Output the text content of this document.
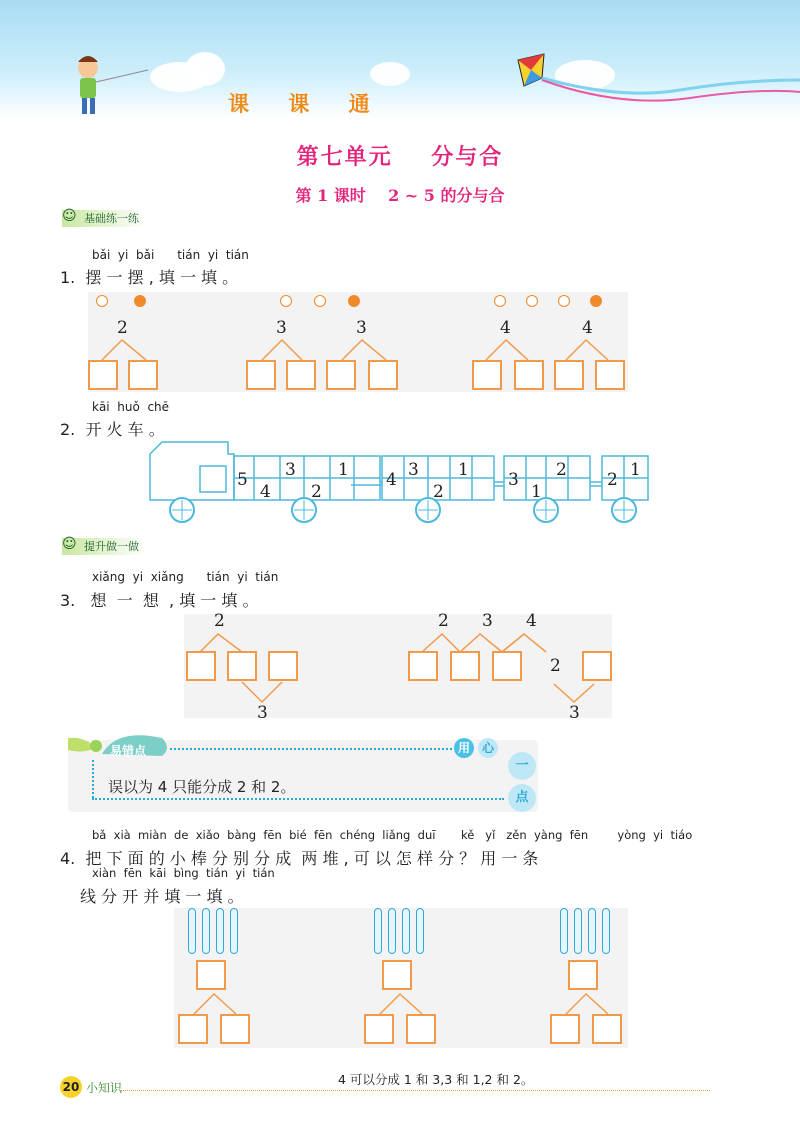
课 课 通
第七单元    分与合
第 1 课时    2 ~ 5 的分与合
☺ 基础练一练
bǎi  yi  bǎi      tián  yi  tián
1.  摆 一 摆 , 填 一 填 。
2	3	3	4	4
kāi  huǒ  chē
2.  开 火 车 。
5
4
3
2
1 4 3
2
1 3
1
2 2 1
☺ 提升做一做
xiǎng  yi  xiǎng      tián  yi  tián
3.   想  一  想  , 填 一 填 。
2
3
2 3 4
2
3
易错点	用 心
一
点
误以为 4 只能分成 2 和 2。
bǎ  xià  miàn  de  xiǎo  bàng  fēn  bié  fēn  chéng  liǎng  duī       kě   yǐ   zěn  yàng  fēn        yòng  yi  tiáo
4.  把 下 面 的 小 棒 分 别 分 成  两 堆 , 可 以 怎 样 分 ？ 用 一 条
xiàn  fēn  kāi  bìng  tián  yi  tián
线 分 开 并 填 一 填 。
20 小知识
4 可以分成 1 和 3,3 和 1,2 和 2。
